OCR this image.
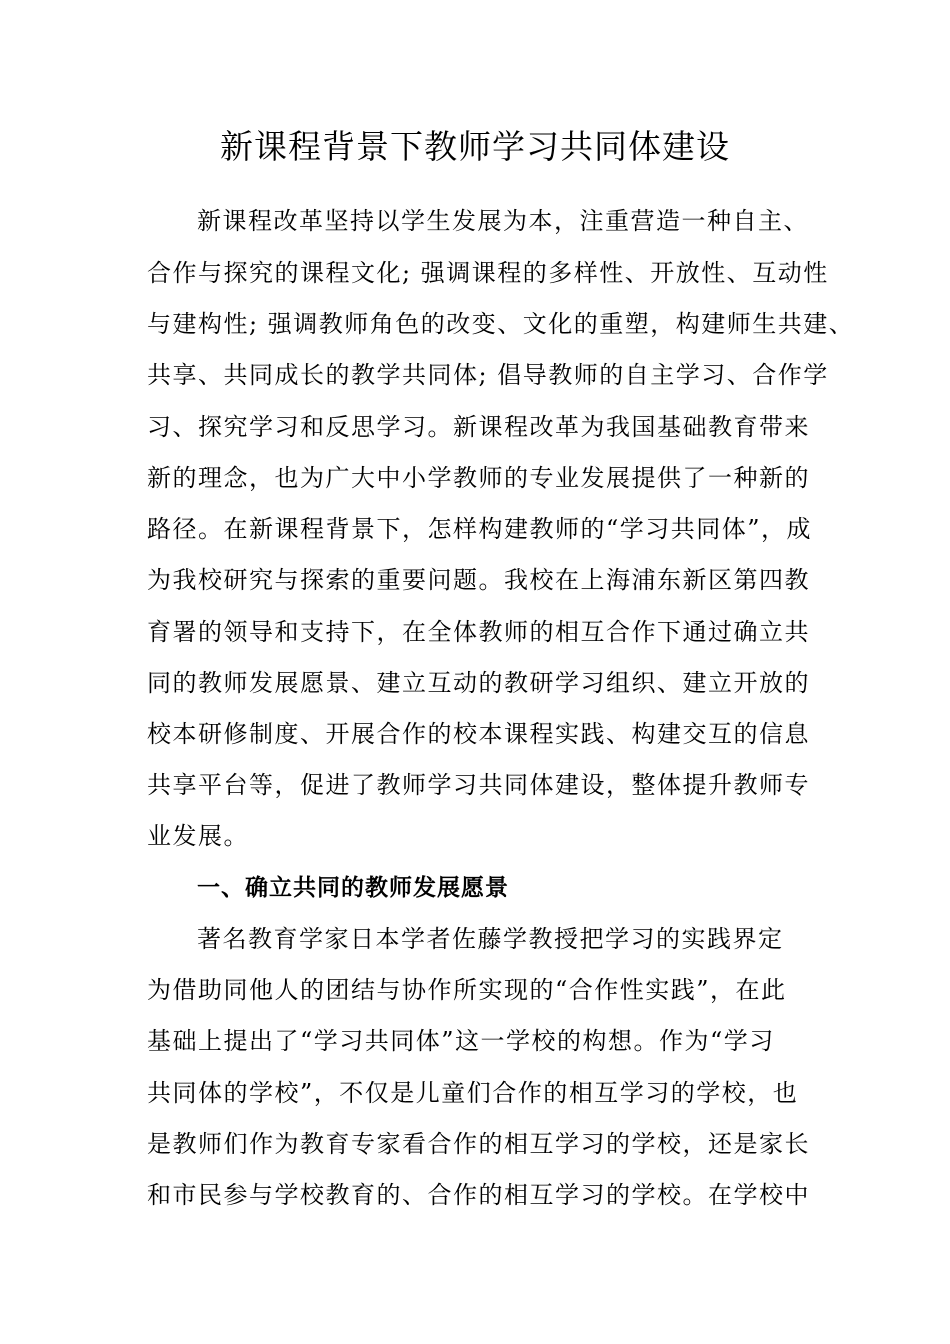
新课程背景下教师学习共同体建设
新课程改革坚持以学生发展为本，注重营造一种自主、
合作与探究的课程文化; 强调课程的多样性、开放性、互动性
与建构性; 强调教师角色的改变、文化的重塑，构建师生共建、
共享、共同成长的教学共同体; 倡导教师的自主学习、合作学
习、探究学习和反思学习。新课程改革为我国基础教育带来
新的理念，也为广大中小学教师的专业发展提供了一种新的
路径。在新课程背景下，怎样构建教师的“学习共同体”，成
为我校研究与探索的重要问题。我校在上海浦东新区第四教
育署的领导和支持下，在全体教师的相互合作下通过确立共
同的教师发展愿景、建立互动的教研学习组织、建立开放的
校本研修制度、开展合作的校本课程实践、构建交互的信息
共享平台等，促进了教师学习共同体建设，整体提升教师专
业发展。
一、确立共同的教师发展愿景
著名教育学家日本学者佐藤学教授把学习的实践界定
为借助同他人的团结与协作所实现的“合作性实践”，在此
基础上提出了“学习共同体”这一学校的构想。作为“学习
共同体的学校”，不仅是儿童们合作的相互学习的学校，也
是教师们作为教育专家看合作的相互学习的学校，还是家长
和市民参与学校教育的、合作的相互学习的学校。在学校中
